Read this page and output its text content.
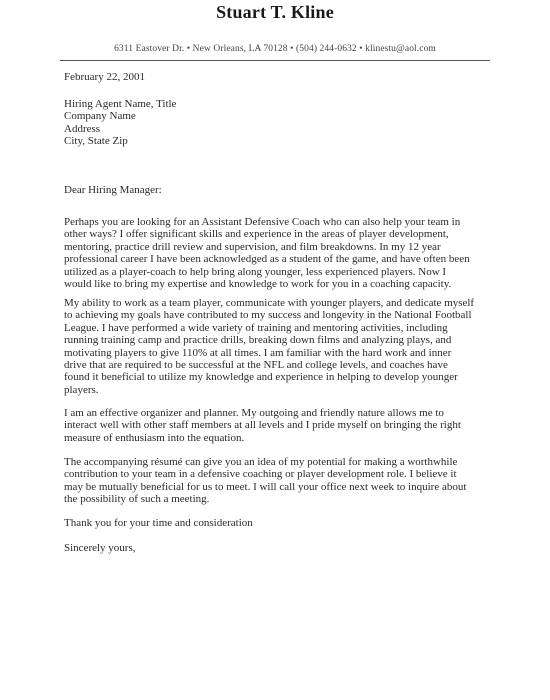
Stuart T. Kline
6311 Eastover Dr. • New Orleans, LA 70128 • (504) 244-0632 • klinestu@aol.com
February 22, 2001
Hiring Agent Name, Title
Company Name
Address
City, State Zip
Dear Hiring Manager:
Perhaps you are looking for an Assistant Defensive Coach who can also help your team in
other ways? I offer significant skills and experience in the areas of player development,
mentoring, practice drill review and supervision, and film breakdowns. In my 12 year
professional career I have been acknowledged as a student of the game, and have often been
utilized as a player-coach to help bring along younger, less experienced players. Now I
would like to bring my expertise and knowledge to work for you in a coaching capacity.
My ability to work as a team player, communicate with younger players, and dedicate myself
to achieving my goals have contributed to my success and longevity in the National Football
League. I have performed a wide variety of training and mentoring activities, including
running training camp and practice drills, breaking down films and analyzing plays, and
motivating players to give 110% at all times. I am familiar with the hard work and inner
drive that are required to be successful at the NFL and college levels, and coaches have
found it beneficial to utilize my knowledge and experience in helping to develop younger
players.
I am an effective organizer and planner. My outgoing and friendly nature allows me to
interact well with other staff members at all levels and I pride myself on bringing the right
measure of enthusiasm into the equation.
The accompanying résumé can give you an idea of my potential for making a worthwhile
contribution to your team in a defensive coaching or player development role. I believe it
may be mutually beneficial for us to meet. I will call your office next week to inquire about
the possibility of such a meeting.
Thank you for your time and consideration
Sincerely yours,
